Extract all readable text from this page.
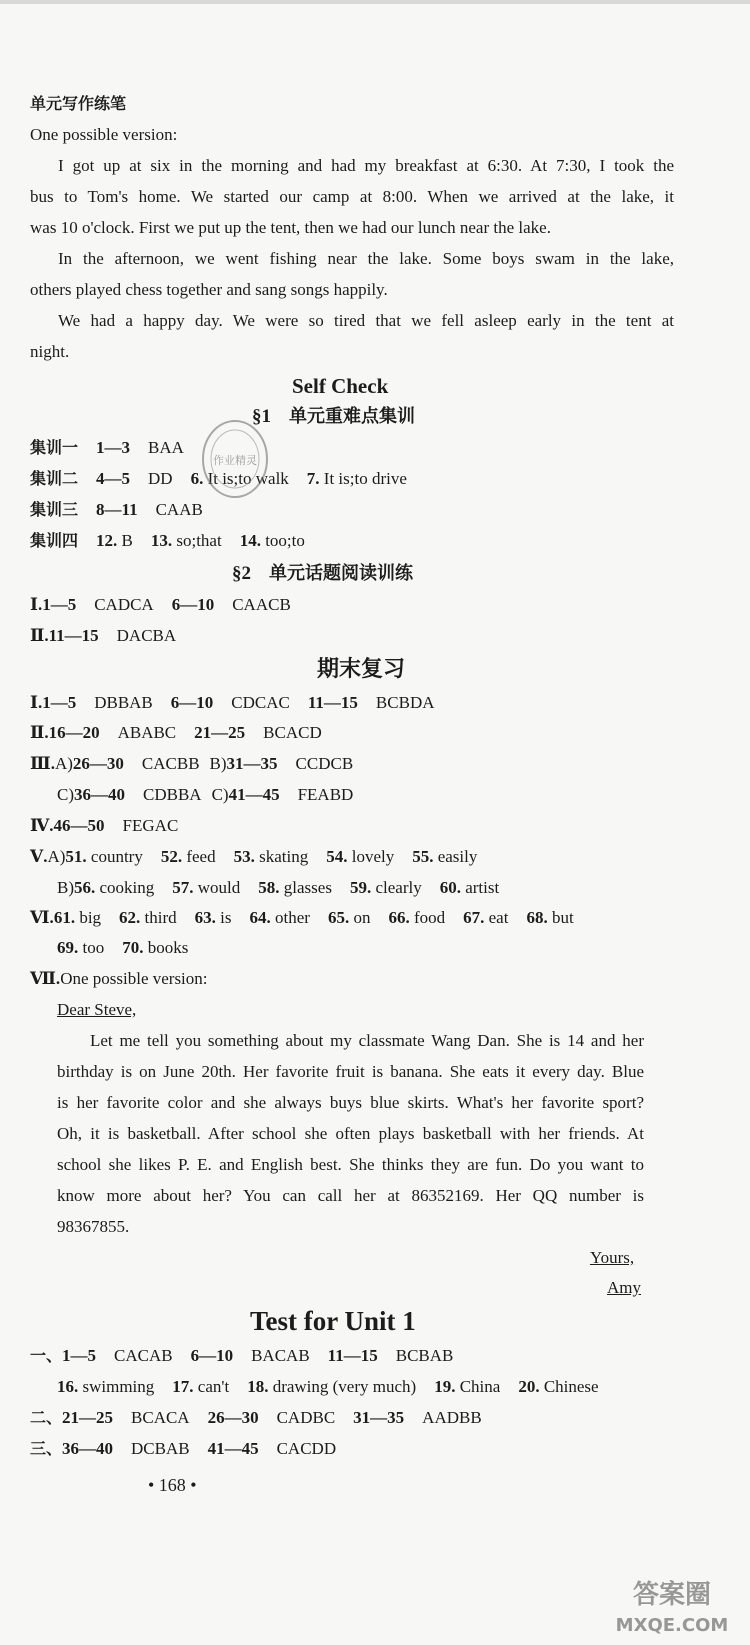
单元写作练笔
One possible version:
I got up at six in the morning and had my breakfast at 6:30. At 7:30, I took the
bus to Tom's home. We started our camp at 8:00. When we arrived at the lake, it
was 10 o'clock. First we put up the tent, then we had our lunch near the lake.
In the afternoon, we went fishing near the lake. Some boys swam in the lake,
others played chess together and sang songs happily.
We had a happy day. We were so tired that we fell asleep early in the tent at
night.
Self Check
§1 单元重难点集训
集训一 1—3 BAA
集训二 4—5 DD 6. It is;to walk 7. It is;to drive
集训三 8—11 CAAB
集训四 12. B 13. so;that 14. too;to
作业精灵
§2 单元话题阅读训练
Ⅰ.1—5 CADCA 6—10 CAACB
Ⅱ.11—15 DACBA
期末复习
Ⅰ.1—5 DBBAB 6—10 CDCAC 11—15 BCBDA
Ⅱ.16—20 ABABC 21—25 BCACD
Ⅲ.A)26—30 CACBB B)31—35 CCDCB
C)36—40 CDBBA C)41—45 FEABD
Ⅳ.46—50 FEGAC
Ⅴ.A)51. country 52. feed 53. skating 54. lovely 55. easily
B)56. cooking 57. would 58. glasses 59. clearly 60. artist
Ⅵ.61. big 62. third 63. is 64. other 65. on 66. food 67. eat 68. but
69. too 70. books
Ⅶ.One possible version:
Dear Steve,
Let me tell you something about my classmate Wang Dan. She is 14 and her
birthday is on June 20th. Her favorite fruit is banana. She eats it every day. Blue
is her favorite color and she always buys blue skirts. What's her favorite sport?
Oh, it is basketball. After school she often plays basketball with her friends. At
school she likes P. E. and English best. She thinks they are fun. Do you want to
know more about her? You can call her at 86352169. Her QQ number is
98367855.
Yours,
Amy
Test for Unit 1
一、1—5 CACAB 6—10 BACAB 11—15 BCBAB
16. swimming 17. can't 18. drawing (very much) 19. China 20. Chinese
二、21—25 BCACA 26—30 CADBC 31—35 AADBB
三、36—40 DCBAB 41—45 CACDD
• 168 •
答案圈
MXQE.COM
